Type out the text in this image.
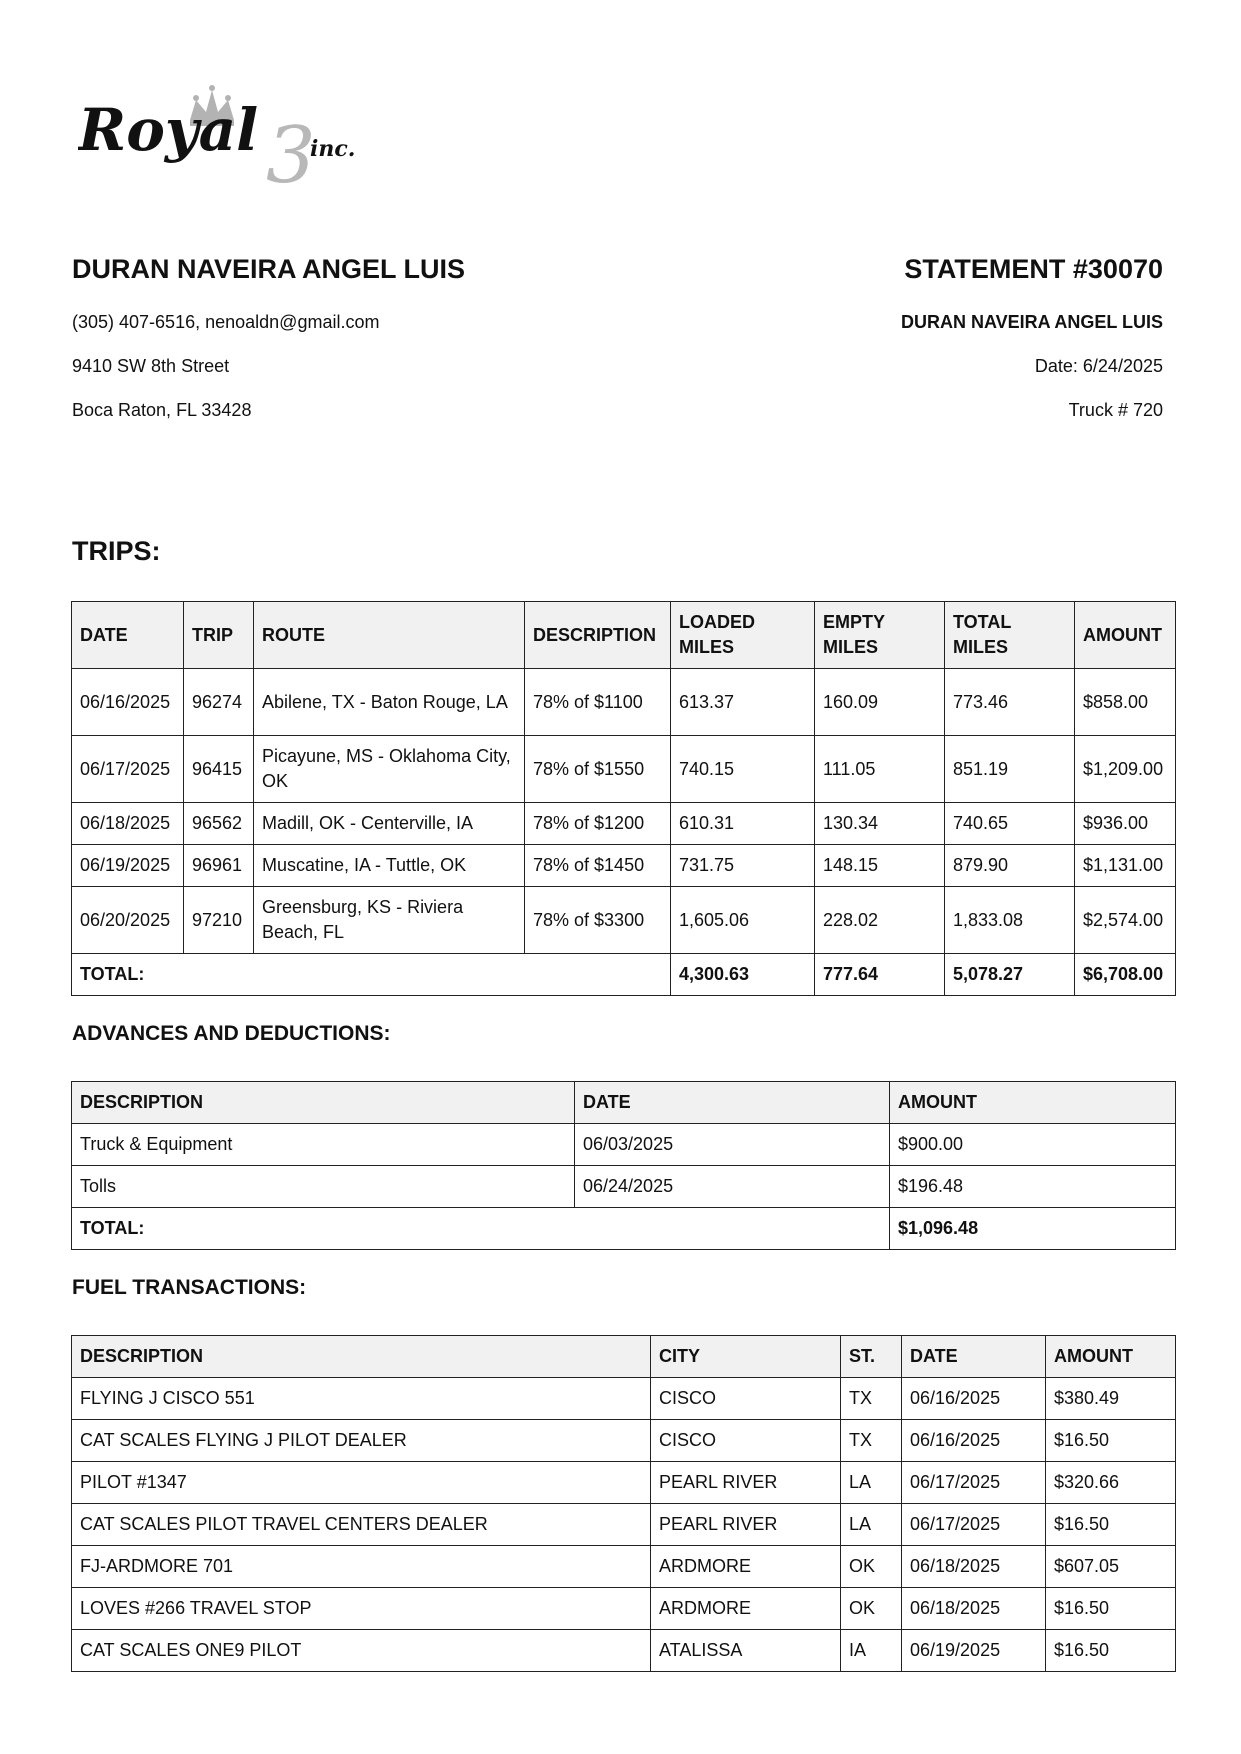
3
Royal inc.
DURAN NAVEIRA ANGEL LUIS
(305) 407-6516, nenoaldn@gmail.com
9410 SW 8th Street
Boca Raton, FL 33428
STATEMENT #30070
DURAN NAVEIRA ANGEL LUIS
Date: 6/24/2025
Truck # 720
TRIPS:
DATE	TRIP	ROUTE	DESCRIPTION	LOADED MILES	EMPTY MILES	TOTAL MILES	AMOUNT
06/16/2025	96274	Abilene, TX - Baton Rouge, LA	78% of $1100	613.37	160.09	773.46	$858.00
06/17/2025	96415	Picayune, MS - Oklahoma City, OK	78% of $1550	740.15	111.05	851.19	$1,209.00
06/18/2025	96562	Madill, OK - Centerville, IA	78% of $1200	610.31	130.34	740.65	$936.00
06/19/2025	96961	Muscatine, IA - Tuttle, OK	78% of $1450	731.75	148.15	879.90	$1,131.00
06/20/2025	97210	Greensburg, KS - Riviera Beach, FL	78% of $3300	1,605.06	228.02	1,833.08	$2,574.00
TOTAL:				4,300.63	777.64	5,078.27	$6,708.00
ADVANCES AND DEDUCTIONS:
DESCRIPTION	DATE	AMOUNT
Truck & Equipment	06/03/2025	$900.00
Tolls	06/24/2025	$196.48
TOTAL:		$1,096.48
FUEL TRANSACTIONS:
DESCRIPTION	CITY	ST.	DATE	AMOUNT
FLYING J CISCO 551	CISCO	TX	06/16/2025	$380.49
CAT SCALES FLYING J PILOT DEALER	CISCO	TX	06/16/2025	$16.50
PILOT #1347	PEARL RIVER	LA	06/17/2025	$320.66
CAT SCALES PILOT TRAVEL CENTERS DEALER	PEARL RIVER	LA	06/17/2025	$16.50
FJ-ARDMORE 701	ARDMORE	OK	06/18/2025	$607.05
LOVES #266 TRAVEL STOP	ARDMORE	OK	06/18/2025	$16.50
CAT SCALES ONE9 PILOT	ATALISSA	IA	06/19/2025	$16.50
